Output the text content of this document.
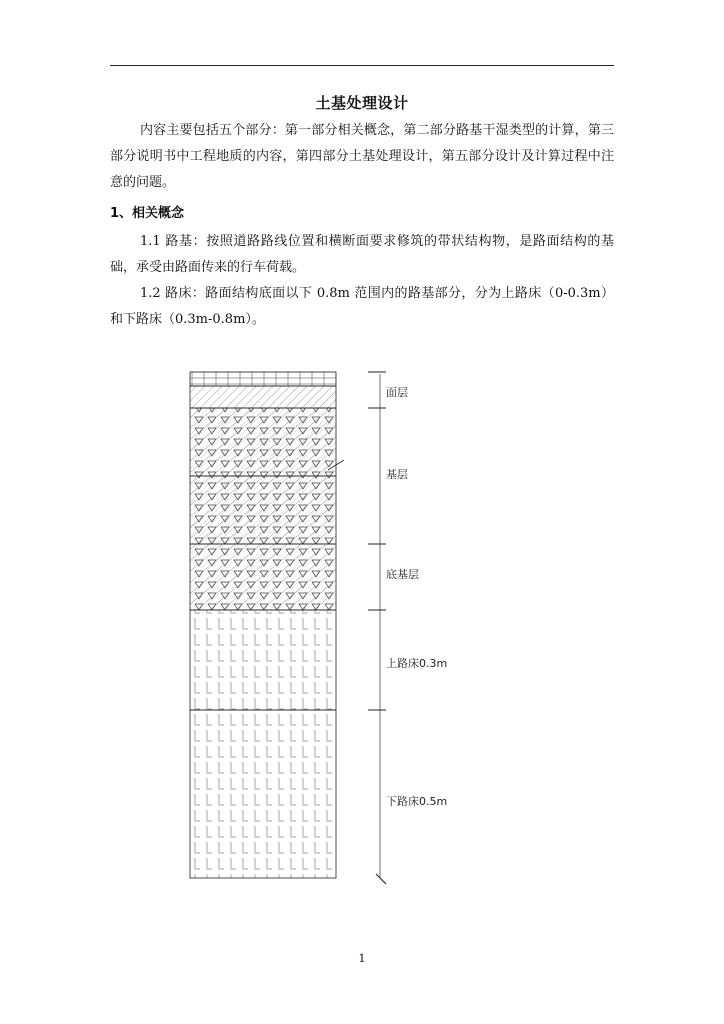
土基处理设计
内容主要包括五个部分：第一部分相关概念，第二部分路基干湿类型的计算，第三部分说明书中工程地质的内容，第四部分土基处理设计，第五部分设计及计算过程中注意的问题。
1、相关概念
1.1 路基：按照道路路线位置和横断面要求修筑的带状结构物，是路面结构的基础，承受由路面传来的行车荷载。
1.2 路床：路面结构底面以下 0.8m 范围内的路基部分，分为上路床（0-0.3m）和下路床（0.3m-0.8m）。
面层
基层
底基层
上路床0.3m
下路床0.5m
1
